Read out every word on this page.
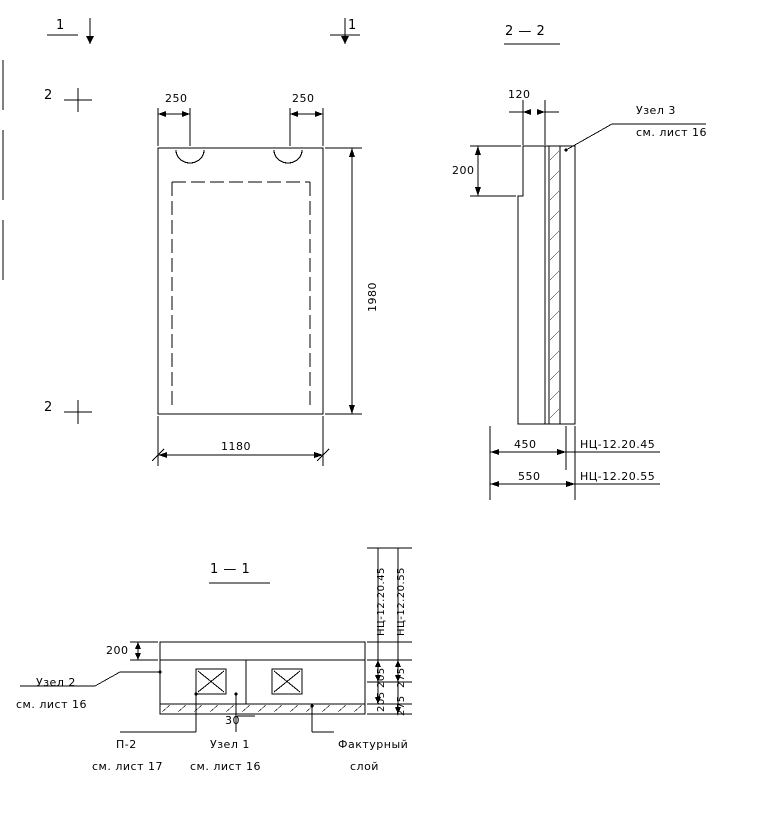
1	1
2
2
250	250
1980
1180
2 — 2
120
200
Узел 3
см. лист 16
450	НЦ-12.20.45
550	НЦ-12.20.55
1 — 1
200
30
205
205
275
275
НЦ-12.20.45 НЦ-12.20.55
Узел 2
см. лист 16
П-2
см. лист 17
Узел 1
см. лист 16
Фактурный
слой
